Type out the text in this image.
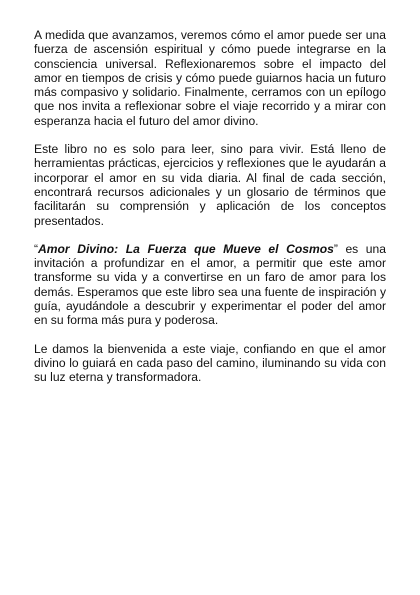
A medida que avanzamos, veremos cómo el amor puede ser una fuerza de ascensión espiritual y cómo puede integrarse en la consciencia universal. Reflexionaremos sobre el impacto del amor en tiempos de crisis y cómo puede guiarnos hacia un futuro más compasivo y solidario. Finalmente, cerramos con un epílogo que nos invita a reflexionar sobre el viaje recorrido y a mirar con esperanza hacia el futuro del amor divino.

Este libro no es solo para leer, sino para vivir. Está lleno de herramientas prácticas, ejercicios y reflexiones que le ayudarán a incorporar el amor en su vida diaria. Al final de cada sección, encontrará recursos adicionales y un glosario de términos que facilitarán su comprensión y aplicación de los conceptos presentados.

“Amor Divino: La Fuerza que Mueve el Cosmos” es una invitación a profundizar en el amor, a permitir que este amor transforme su vida y a convertirse en un faro de amor para los demás. Esperamos que este libro sea una fuente de inspiración y guía, ayudándole a descubrir y experimentar el poder del amor en su forma más pura y poderosa.

Le damos la bienvenida a este viaje, confiando en que el amor divino lo guiará en cada paso del camino, iluminando su vida con su luz eterna y transformadora.
